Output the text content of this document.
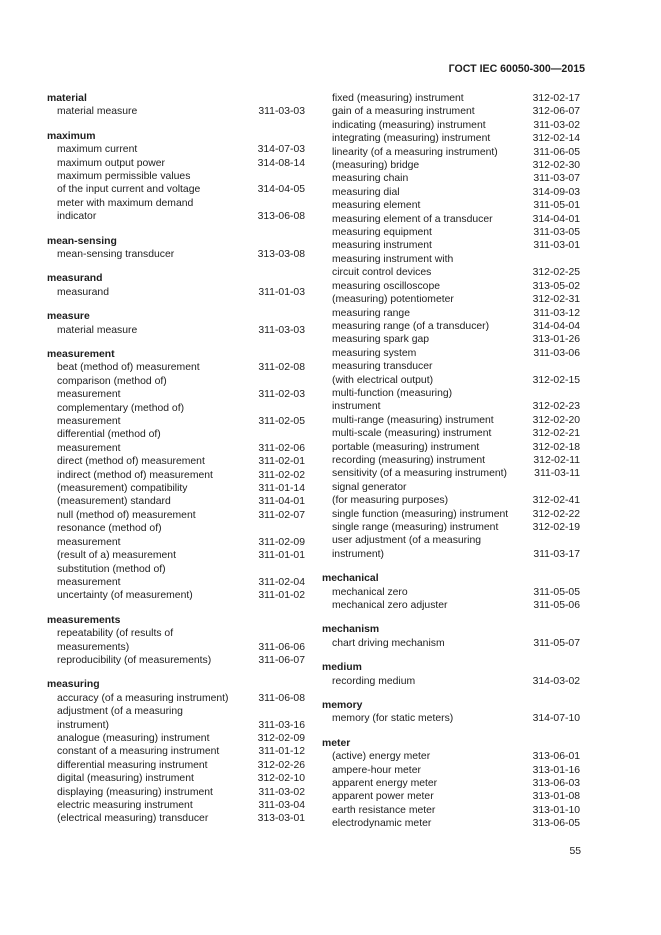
ГОСТ IEC 60050-300—2015
material
material measure	311-03-03
maximum
maximum current	314-07-03
maximum output power	314-08-14
maximum permissible values
of the input current and voltage	314-04-05
meter with maximum demand
indicator	313-06-08
mean-sensing
mean-sensing transducer	313-03-08
measurand
measurand	311-01-03
measure
material measure	311-03-03
measurement
beat (method of) measurement	311-02-08
comparison (method of)
measurement	311-02-03
complementary (method of)
measurement	311-02-05
differential (method of)
measurement	311-02-06
direct (method of) measurement	311-02-01
indirect (method of) measurement	311-02-02
(measurement) compatibility	311-01-14
(measurement) standard	311-04-01
null (method of) measurement	311-02-07
resonance (method of)
measurement	311-02-09
(result of a) measurement	311-01-01
substitution (method of)
measurement	311-02-04
uncertainty (of measurement)	311-01-02
measurements
repeatability (of results of
measurements)	311-06-06
reproducibility (of measurements)	311-06-07
measuring
accuracy (of a measuring instrument)	311-06-08
adjustment (of a measuring
instrument)	311-03-16
analogue (measuring) instrument	312-02-09
constant of a measuring instrument	311-01-12
differential measuring instrument	312-02-26
digital (measuring) instrument	312-02-10
displaying (measuring) instrument	311-03-02
electric measuring instrument	311-03-04
(electrical measuring) transducer	313-03-01
fixed (measuring) instrument	312-02-17
gain of a measuring instrument	312-06-07
indicating (measuring) instrument	311-03-02
integrating (measuring) instrument	312-02-14
linearity (of a measuring instrument)	311-06-05
(measuring) bridge	312-02-30
measuring chain	311-03-07
measuring dial	314-09-03
measuring element	311-05-01
measuring element of a transducer	314-04-01
measuring equipment	311-03-05
measuring instrument	311-03-01
measuring instrument with
circuit control devices	312-02-25
measuring oscilloscope	313-05-02
(measuring) potentiometer	312-02-31
measuring range	311-03-12
measuring range (of a transducer)	314-04-04
measuring spark gap	313-01-26
measuring system	311-03-06
measuring transducer
(with electrical output)	312-02-15
multi-function (measuring)
instrument	312-02-23
multi-range (measuring) instrument	312-02-20
multi-scale (measuring) instrument	312-02-21
portable (measuring) instrument	312-02-18
recording (measuring) instrument	312-02-11
sensitivity (of a measuring instrument)	311-03-11
signal generator
(for measuring purposes)	312-02-41
single function (measuring) instrument	312-02-22
single range (measuring) instrument	312-02-19
user adjustment (of a measuring
instrument)	311-03-17
mechanical
mechanical zero	311-05-05
mechanical zero adjuster	311-05-06
mechanism
chart driving mechanism	311-05-07
medium
recording medium	314-03-02
memory
memory (for static meters)	314-07-10
meter
(active) energy meter	313-06-01
ampere-hour meter	313-01-16
apparent energy meter	313-06-03
apparent power meter	313-01-08
earth resistance meter	313-01-10
electrodynamic meter	313-06-05
55
